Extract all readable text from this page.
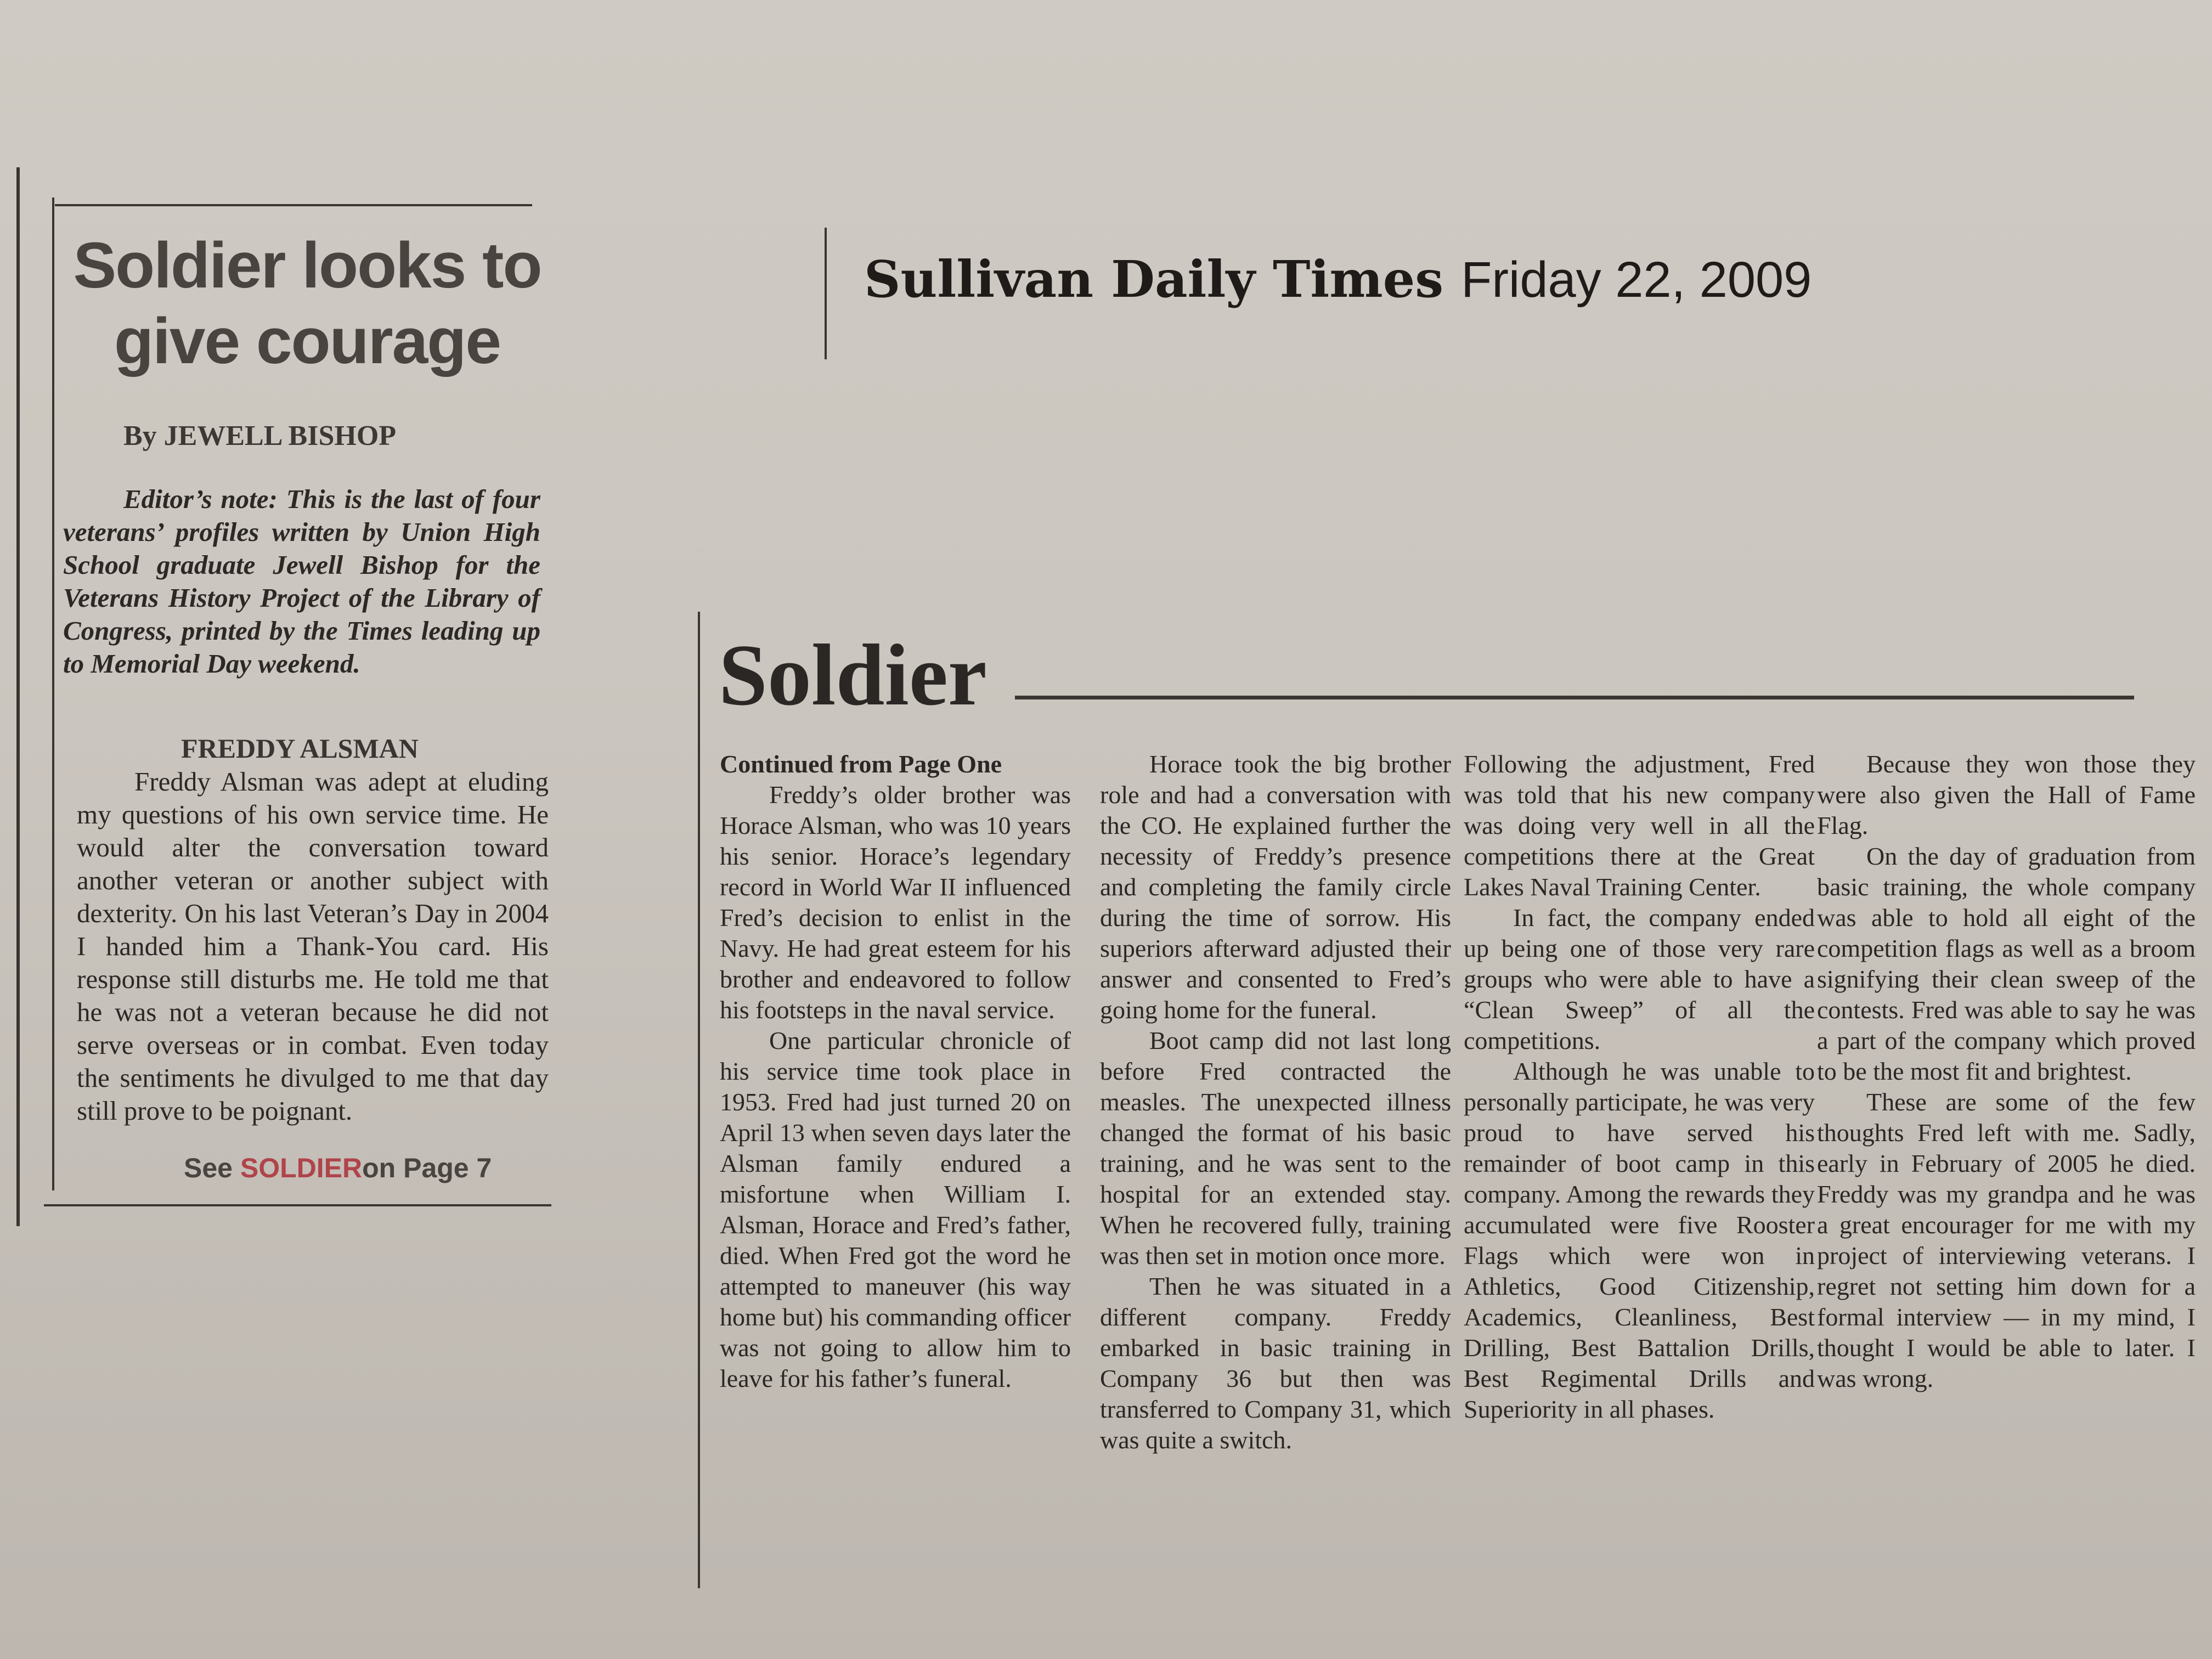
Soldier looks to give courage
By JEWELL BISHOP
Editor’s note: This is the last of four veterans’ profiles written by Union High School graduate Jewell Bishop for the Veterans History Project of the Library of Congress, printed by the Times leading up to Memorial Day weekend.
FREDDY ALSMAN
Freddy Alsman was adept at eluding my questions of his own service time. He would alter the conversation toward another veteran or another subject with dexterity. On his last Veteran’s Day in 2004 I handed him a Thank-You card. His response still disturbs me. He told me that he was not a veteran because he did not serve overseas or in combat. Even today the sentiments he divulged to me that day still prove to be poignant.
See SOLDIERon Page 7
Sullivan Daily Times Friday 22, 2009
Soldier
Continued from Page One

Freddy’s older brother was Horace Alsman, who was 10 years his senior. Horace’s legendary record in World War II influenced Fred’s decision to enlist in the Navy. He had great esteem for his brother and endeavored to follow his footsteps in the naval service.

One particular chronicle of his service time took place in 1953. Fred had just turned 20 on April 13 when seven days later the Alsman family endured a misfortune when William I. Alsman, Horace and Fred’s father, died. When Fred got the word he attempted to maneuver (his way home but) his commanding officer was not going to allow him to leave for his father’s funeral.

Horace took the big brother role and had a conversation with the CO. He explained further the necessity of Freddy’s presence and completing the family circle during the time of sorrow. His superiors afterward adjusted their answer and consented to Fred’s going home for the funeral.

Boot camp did not last long before Fred contracted the measles. The unexpected illness changed the format of his basic training, and he was sent to the hospital for an extended stay. When he recovered fully, training was then set in motion once more.

Then he was situated in a different company. Freddy embarked in basic training in Company 36 but then was transferred to Company 31, which was quite a switch.

Following the adjustment, Fred was told that his new company was doing very well in all the competitions there at the Great Lakes Naval Training Center.

In fact, the company ended up being one of those very rare groups who were able to have a “Clean Sweep” of all the competitions.

Although he was unable to personally participate, he was very proud to have served his remainder of boot camp in this company. Among the rewards they accumulated were five Rooster Flags which were won in Athletics, Good Citizenship, Academics, Cleanliness, Best Drilling, Best Battalion Drills, Best Regimental Drills and Superiority in all phases.

Because they won those they were also given the Hall of Fame Flag.

On the day of graduation from basic training, the whole company was able to hold all eight of the competition flags as well as a broom signifying their clean sweep of the contests. Fred was able to say he was a part of the company which proved to be the most fit and brightest.

These are some of the few thoughts Fred left with me. Sadly, early in February of 2005 he died. Freddy was my grandpa and he was a great encourager for me with my project of interviewing veterans. I regret not setting him down for a formal interview — in my mind, I thought I would be able to later. I was wrong.
